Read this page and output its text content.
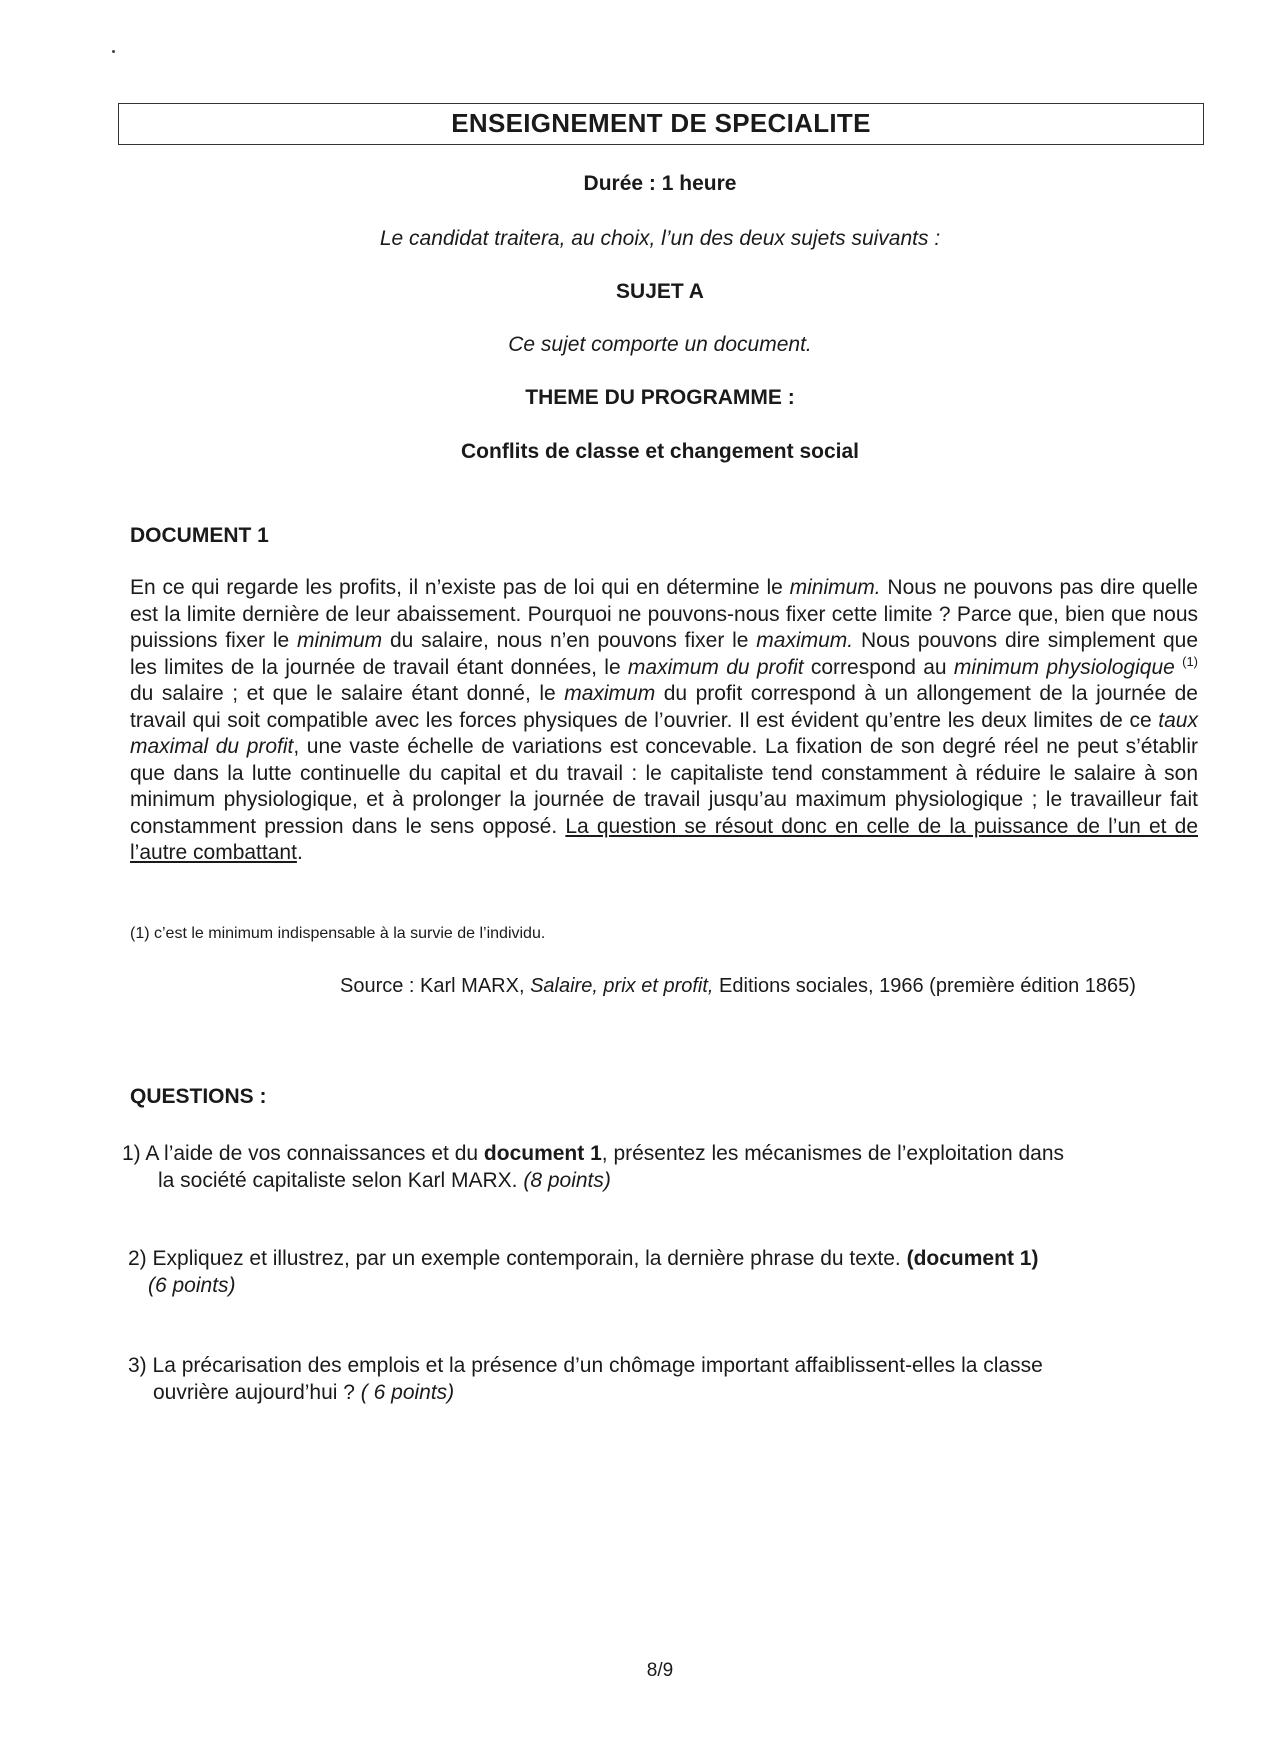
ENSEIGNEMENT DE SPECIALITE
Durée : 1 heure
Le candidat traitera, au choix, l’un des deux sujets suivants :
SUJET A
Ce sujet comporte un document.
THEME DU PROGRAMME :
Conflits de classe et changement social
DOCUMENT 1
En ce qui regarde les profits, il n’existe pas de loi qui en détermine le minimum. Nous ne pouvons pas dire quelle est la limite dernière de leur abaissement. Pourquoi ne pouvons-nous fixer cette limite ? Parce que, bien que nous puissions fixer le minimum du salaire, nous n’en pouvons fixer le maximum. Nous pouvons dire simplement que les limites de la journée de travail étant données, le maximum du profit correspond au minimum physiologique $^{(1)}$ du salaire ; et que le salaire étant donné, le maximum du profit correspond à un allongement de la journée de travail qui soit compatible avec les forces physiques de l’ouvrier. Il est évident qu’entre les deux limites de ce taux maximal du profit, une vaste échelle de variations est concevable. La fixation de son degré réel ne peut s’établir que dans la lutte continuelle du capital et du travail : le capitaliste tend constamment à réduire le salaire à son minimum physiologique, et à prolonger la journée de travail jusqu’au maximum physiologique ; le travailleur fait constamment pression dans le sens opposé. La question se résout donc en celle de la puissance de l’un et de l’autre combattant.
(1) c’est le minimum indispensable à la survie de l’individu.
Source : Karl MARX, Salaire, prix et profit, Editions sociales, 1966 (première édition 1865)
QUESTIONS :
1) A l’aide de vos connaissances et du document 1, présentez les mécanismes de l’exploitation dans
la société capitaliste selon Karl MARX. (8 points)
2) Expliquez et illustrez, par un exemple contemporain, la dernière phrase du texte. (document 1)
(6 points)
3) La précarisation des emplois et la présence d’un chômage important affaiblissent-elles la classe
ouvrière aujourd’hui ? ( 6 points)
8/9
